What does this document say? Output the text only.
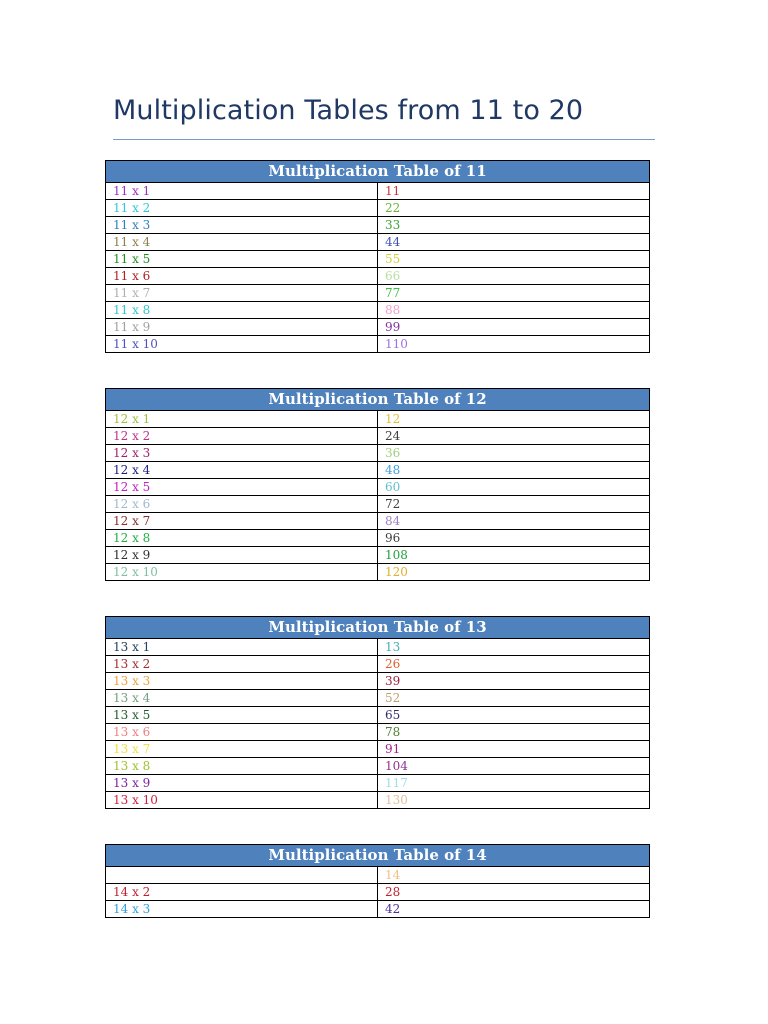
Multiplication Tables from 11 to 20
Multiplication Table of 11	
11 x 1	11
11 x 2	22
11 x 3	33
11 x 4	44
11 x 5	55
11 x 6	66
11 x 7	77
11 x 8	88
11 x 9	99
11 x 10	110
Multiplication Table of 12	
12 x 1	12
12 x 2	24
12 x 3	36
12 x 4	48
12 x 5	60
12 x 6	72
12 x 7	84
12 x 8	96
12 x 9	108
12 x 10	120
Multiplication Table of 13	
13 x 1	13
13 x 2	26
13 x 3	39
13 x 4	52
13 x 5	65
13 x 6	78
13 x 7	91
13 x 8	104
13 x 9	117
13 x 10	130
Multiplication Table of 14	
	14
14 x 2	28
14 x 3	42
